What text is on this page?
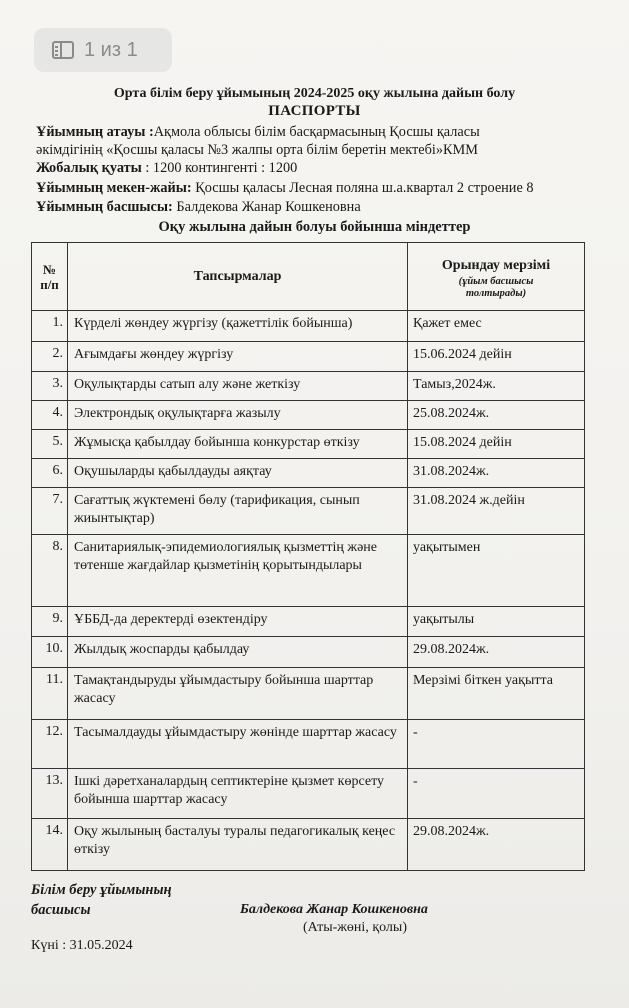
1 из 1
Орта білім беру ұйымының 2024-2025 оқу жылына дайын болу
ПАСПОРТЫ
Ұйымның атауы :Ақмола облысы білім басқармасының Қосшы қаласы
әкімдігінің «Қосшы қаласы №3 жалпы орта білім беретін мектебі»КММ
Жобалық қуаты : 1200 контингенті : 1200
Ұйымның мекен-жайы: Қосшы қаласы Лесная поляна ш.а.квартал 2 строение 8
Ұйымның басшысы: Балдекова Жанар Кошкеновна
Оқу жылына дайын болуы бойынша міндеттер
№
п/п	Тапсырмалар	Орындау мерзімі
(ұйым басшысы
толтырады)

1.	Күрделі жөндеу жүргізу (қажеттілік бойынша)	Қажет емес
2.	Ағымдағы жөндеу жүргізу	15.06.2024 дейін
3.	Оқулықтарды сатып алу және жеткізу	Тамыз,2024ж.
4.	Электрондық оқулықтарға жазылу	25.08.2024ж.
5.	Жұмысқа қабылдау бойынша конкурстар өткізу	15.08.2024 дейін
6.	Оқушыларды қабылдауды аяқтау	31.08.2024ж.
7.	Сағаттық жүктемені бөлу (тарификация, сынып жиынтықтар)	31.08.2024 ж.дейін
8.	Санитариялық-эпидемиологиялық қызметтің және төтенше жағдайлар қызметінің қорытындылары	уақытымен
9.	ҰББД-да деректерді өзектендіру	уақытылы
10.	Жылдық жоспарды қабылдау	29.08.2024ж.
11.	Тамақтандыруды ұйымдастыру бойынша шарттар жасасу	Мерзімі біткен уақытта
12.	Тасымалдауды ұйымдастыру жөнінде шарттар жасасу	-
13.	Ішкі дәретханалардың септиктеріне қызмет көрсету бойынша шарттар жасасу	-
14.	Оқу жылының басталуы туралы педагогикалық кеңес өткізу	29.08.2024ж.
Білім беру ұйымының
басшысы	Балдекова Жанар Кошкеновна
(Аты-жөні, қолы)
Күні : 31.05.2024
